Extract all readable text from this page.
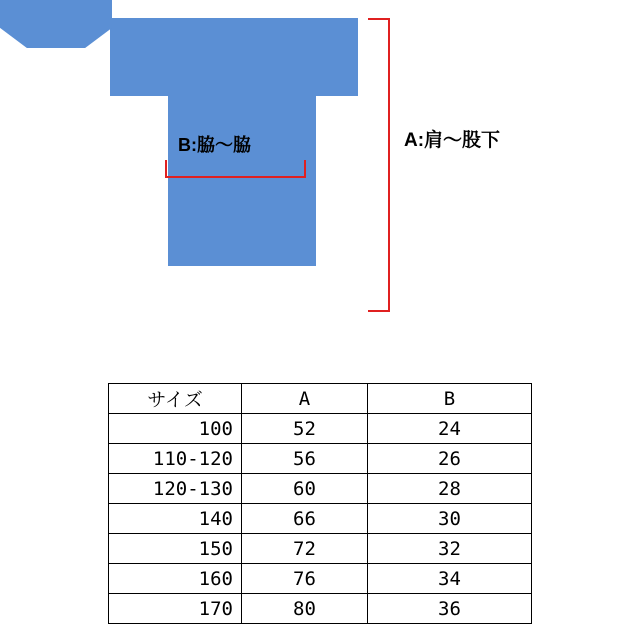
A:肩〜股下
B:脇〜脇
サイズ	A	B
100	52	24
110-120	56	26
120-130	60	28
140	66	30
150	72	32
160	76	34
170	80	36
